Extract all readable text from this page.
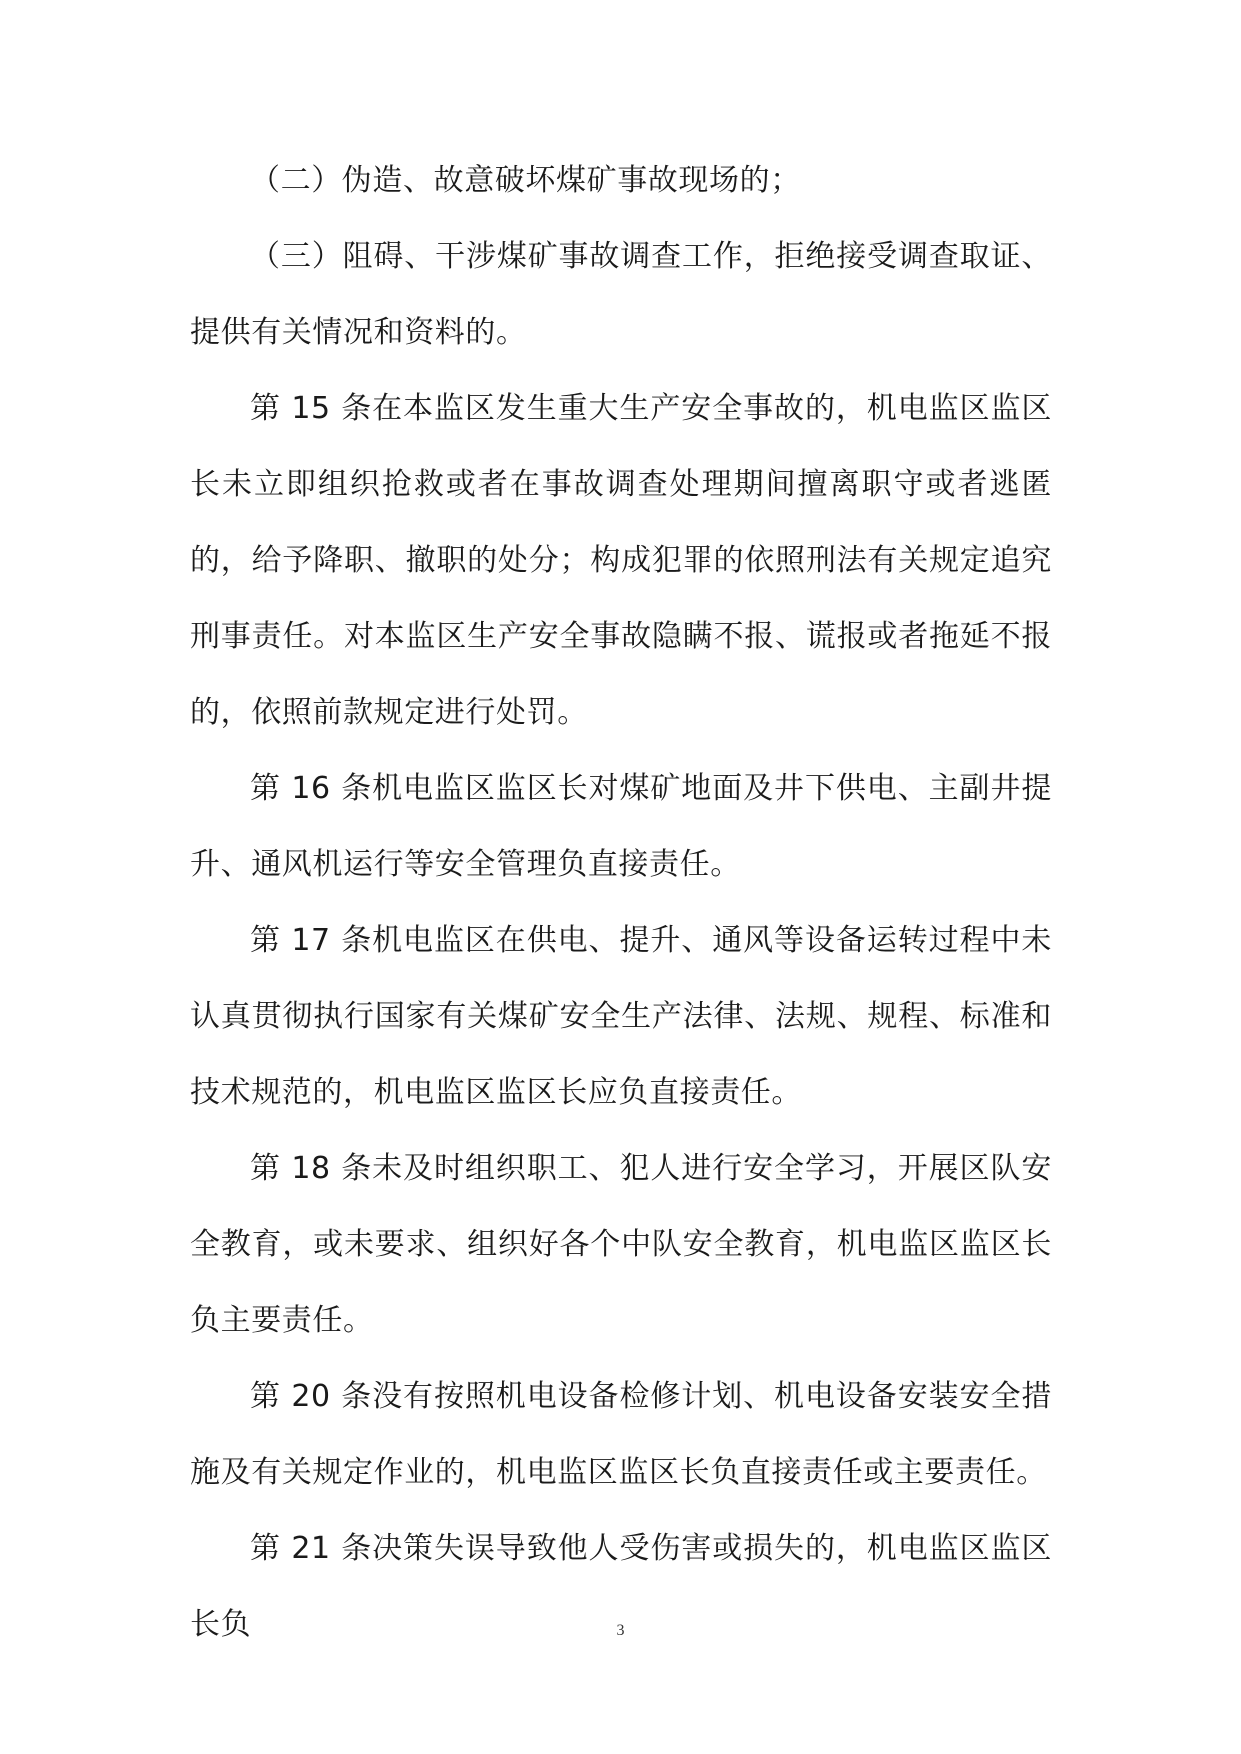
（二）伪造、故意破坏煤矿事故现场的；

（三）阻碍、干涉煤矿事故调查工作，拒绝接受调查取证、提供有关情况和资料的。

第 15 条在本监区发生重大生产安全事故的，机电监区监区长未立即组织抢救或者在事故调查处理期间擅离职守或者逃匿的，给予降职、撤职的处分；构成犯罪的依照刑法有关规定追究刑事责任。对本监区生产安全事故隐瞒不报、谎报或者拖延不报的，依照前款规定进行处罚。

第 16 条机电监区监区长对煤矿地面及井下供电、主副井提升、通风机运行等安全管理负直接责任。

第 17 条机电监区在供电、提升、通风等设备运转过程中未认真贯彻执行国家有关煤矿安全生产法律、法规、规程、标准和技术规范的，机电监区监区长应负直接责任。

第 18 条未及时组织职工、犯人进行安全学习，开展区队安全教育，或未要求、组织好各个中队安全教育，机电监区监区长负主要责任。

第 20 条没有按照机电设备检修计划、机电设备安装安全措施及有关规定作业的，机电监区监区长负直接责任或主要责任。

第 21 条决策失误导致他人受伤害或损失的，机电监区监区长负	3
